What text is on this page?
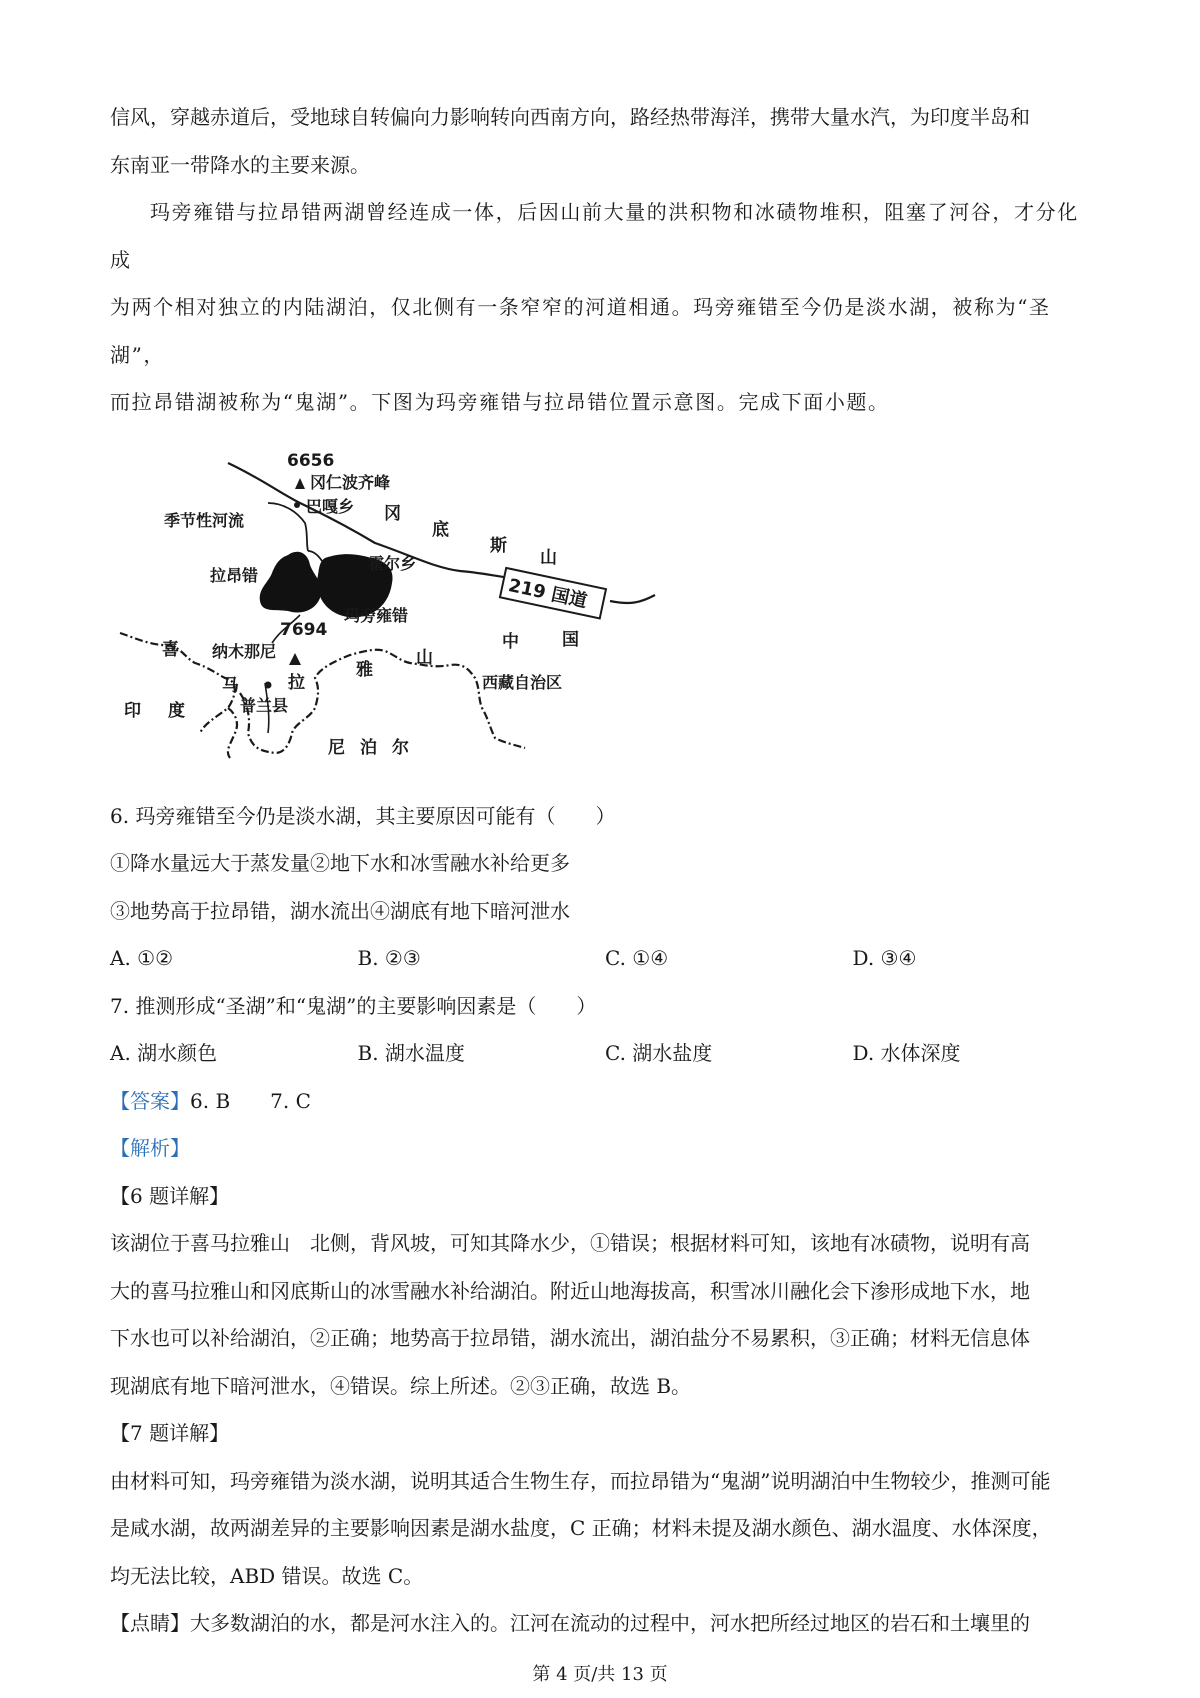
信风，穿越赤道后，受地球自转偏向力影响转向西南方向，路经热带海洋，携带大量水汽，为印度半岛和

东南亚一带降水的主要来源。

玛旁雍错与拉昂错两湖曾经连成一体，后因山前大量的洪积物和冰碛物堆积，阻塞了河谷，才分化成

为两个相对独立的内陆湖泊，仅北侧有一条窄窄的河道相通。玛旁雍错至今仍是淡水湖，被称为“圣湖”，

而拉昂错湖被称为“鬼湖”。下图为玛旁雍错与拉昂错位置示意图。完成下面小题。

219 国道
6656
冈仁波齐峰
巴嘎乡
季节性河流	冈
底
斯
山
拉昂错
霍尔乡
玛旁雍错
7694
纳木那尼	中	国
喜
马	拉
雅
山
西藏自治区
普兰县
印 度
尼 泊 尔

6. 玛旁雍错至今仍是淡水湖，其主要原因可能有（　　）

①降水量远大于蒸发量②地下水和冰雪融水补给更多

③地势高于拉昂错，湖水流出④湖底有地下暗河泄水

A. ①②	B. ②③	C. ①④	D. ③④

7. 推测形成“圣湖”和“鬼湖”的主要影响因素是（　　）

A. 湖水颜色	B. 湖水温度	C. 湖水盐度	D. 水体深度

【答案】6. B　　7. C

【解析】

【6 题详解】

该湖位于喜马拉雅山　北侧，背风坡，可知其降水少，①错误；根据材料可知，该地有冰碛物，说明有高

大的喜马拉雅山和冈底斯山的冰雪融水补给湖泊。附近山地海拔高，积雪冰川融化会下渗形成地下水，地

下水也可以补给湖泊，②正确；地势高于拉昂错，湖水流出，湖泊盐分不易累积，③正确；材料无信息体

现湖底有地下暗河泄水，④错误。综上所述。②③正确，故选 B。

【7 题详解】

由材料可知，玛旁雍错为淡水湖，说明其适合生物生存，而拉昂错为“鬼湖”说明湖泊中生物较少，推测可能

是咸水湖，故两湖差异的主要影响因素是湖水盐度，C 正确；材料未提及湖水颜色、湖水温度、水体深度，

均无法比较，ABD 错误。故选 C。

【点睛】大多数湖泊的水，都是河水注入的。江河在流动的过程中，河水把所经过地区的岩石和土壤里的

第 4 页/共 13 页
